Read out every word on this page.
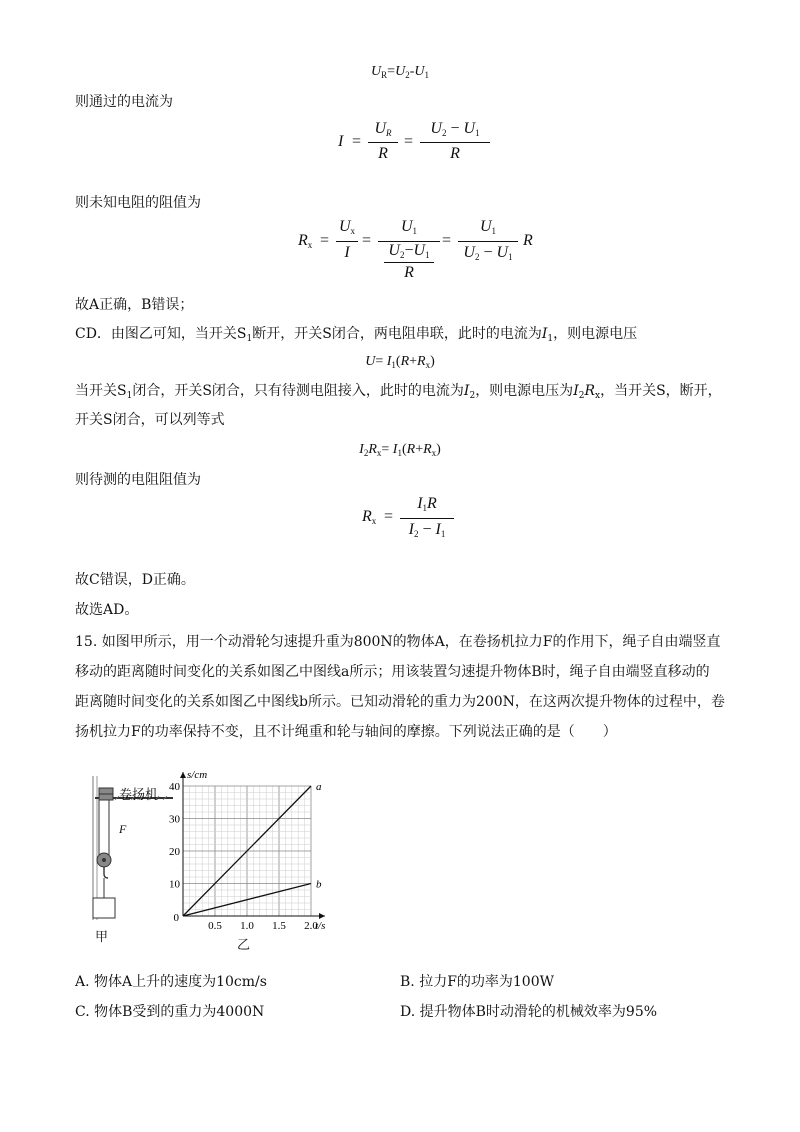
$U_R=U_2-U_1$
则通过的电流为
I =
$U_R$
R
=
$U_2 - U_1$
R
则未知电阻的阻值为
$R_x$ =
$U_x$
I
=
$U_1$
$U_2-U_1$
R
=
$U_1$
$U_2 - U_1$
R
故A正确，B错误；
CD．由图乙可知，当开关$S_1$断开，开关S闭合，两电阻串联，此时的电流为$I_1$，则电源电压
$U= I_1(R+R_x)$
当开关$S_1$闭合，开关S闭合，只有待测电阻接入，此时的电流为$I_2$，则电源电压为$I_2R_x$，当开关S，断开，
开关S闭合，可以列等式
$I_2R_x= I_1(R+R_x)$
则待测的电阻阻值为
$R_x$ =
$I_1R$
$I_2 - I_1$
故C错误，D正确。
故选AD。
15. 如图甲所示，用一个动滑轮匀速提升重为800N的物体A，在卷扬机拉力F的作用下，绳子自由端竖直
移动的距离随时间变化的关系如图乙中图线a所示；用该装置匀速提升物体B时，绳子自由端竖直移动的
距离随时间变化的关系如图乙中图线b所示。已知动滑轮的重力为200N，在这两次提升物体的过程中，卷
扬机拉力F的功率保持不变，且不计绳重和轮与轴间的摩擦。下列说法正确的是（　　）
卷扬机
F
甲
0.5 1.0 1.5 2.0
10
20
30
40
0
t/s
s/cm
a
b
乙
A. 物体A上升的速度为10cm/s	B. 拉力F的功率为100W
C. 物体B受到的重力为4000N	D. 提升物体B时动滑轮的机械效率为95%
